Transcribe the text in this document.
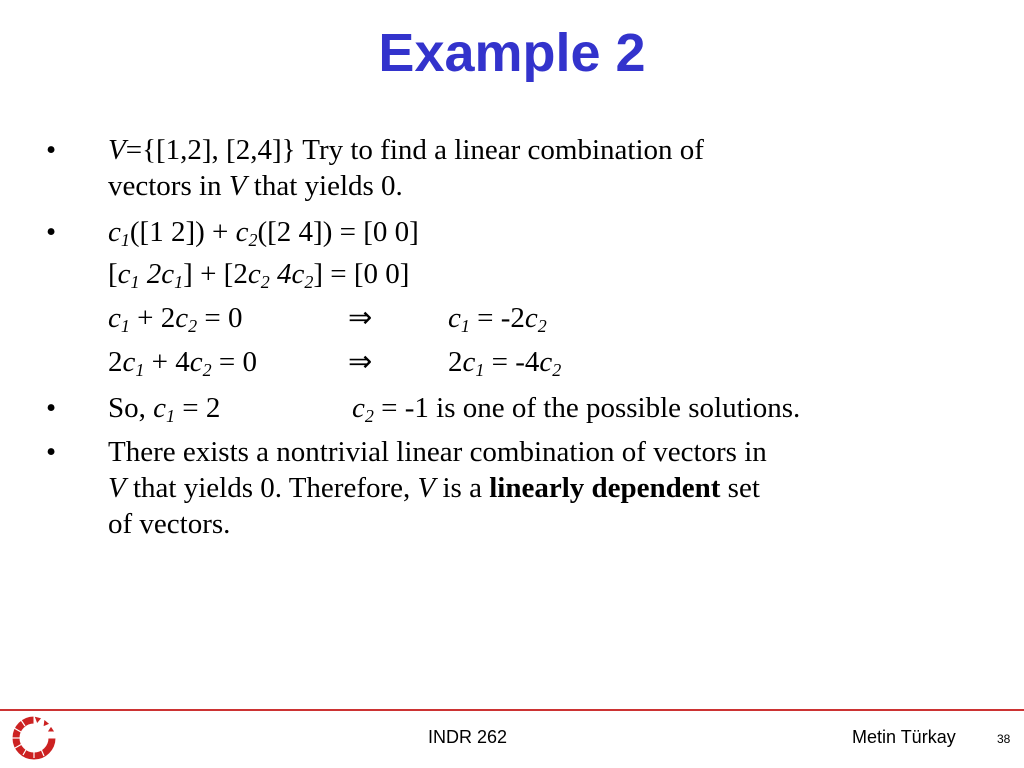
Example 2
• V={[1,2], [2,4]} Try to find a linear combination of
vectors in V that yields 0.
• $c_1([1$ $2]) + c_2([2$ 4]) = [0 0]
[$c_1$ $2c_1] + [2c_2$ $4c_2] = [0$ 0]
$c_1 + 2c_2 = 0$	⇒	$c_1 = -2c_2$
$2c_1 + 4c_2 = 0$	⇒	$2c_1 = -4c_2$
• So, $c_1 = 2$	$c_2 = -1$ is one of the possible solutions.
• There exists a nontrivial linear combination of vectors in
V that yields 0. Therefore, V is a linearly dependent set
of vectors.
INDR 262	Metin Türkay	38
